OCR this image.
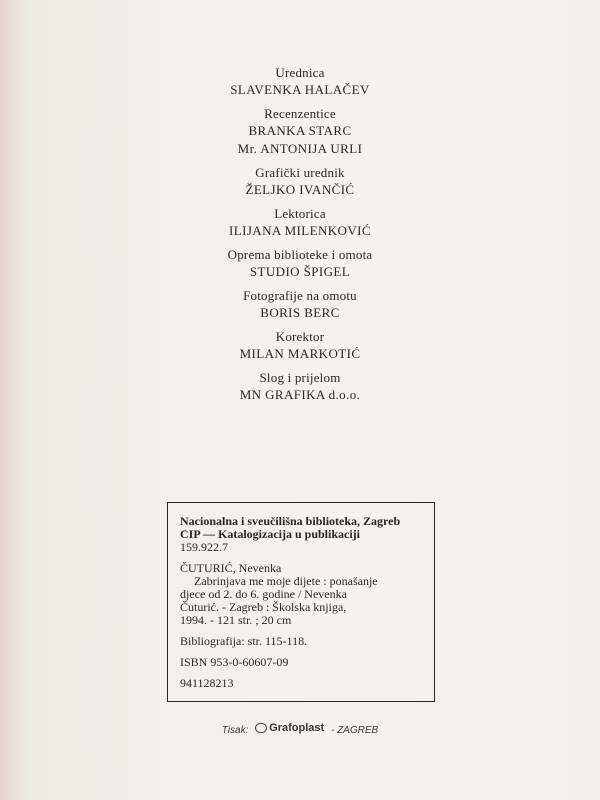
Urednica
SLAVENKA HALAČEV
Recenzentice
BRANKA STARC
Mr. ANTONIJA URLI
Grafički urednik
ŽELJKO IVANČIĆ
Lektorica
ILIJANA MILENKOVIĆ
Oprema biblioteke i omota
STUDIO ŠPIGEL
Fotografije na omotu
BORIS BERC
Korektor
MILAN MARKOTIĆ
Slog i prijelom
MN GRAFIKA d.o.o.
Nacionalna i sveučilišna biblioteka, Zagreb
CIP — Katalogizacija u publikaciji
159.922.7
ČUTURIĆ, Nevenka
Zabrinjava me moje dijete : ponašanje
djece od 2. do 6. godine / Nevenka
Čuturić. - Zagreb : Školska knjiga,
1994. - 121 str. ; 20 cm
Bibliografija: str. 115-118.
ISBN 953-0-60607-09
941128213
Tisak: Grafoplast - ZAGREB
